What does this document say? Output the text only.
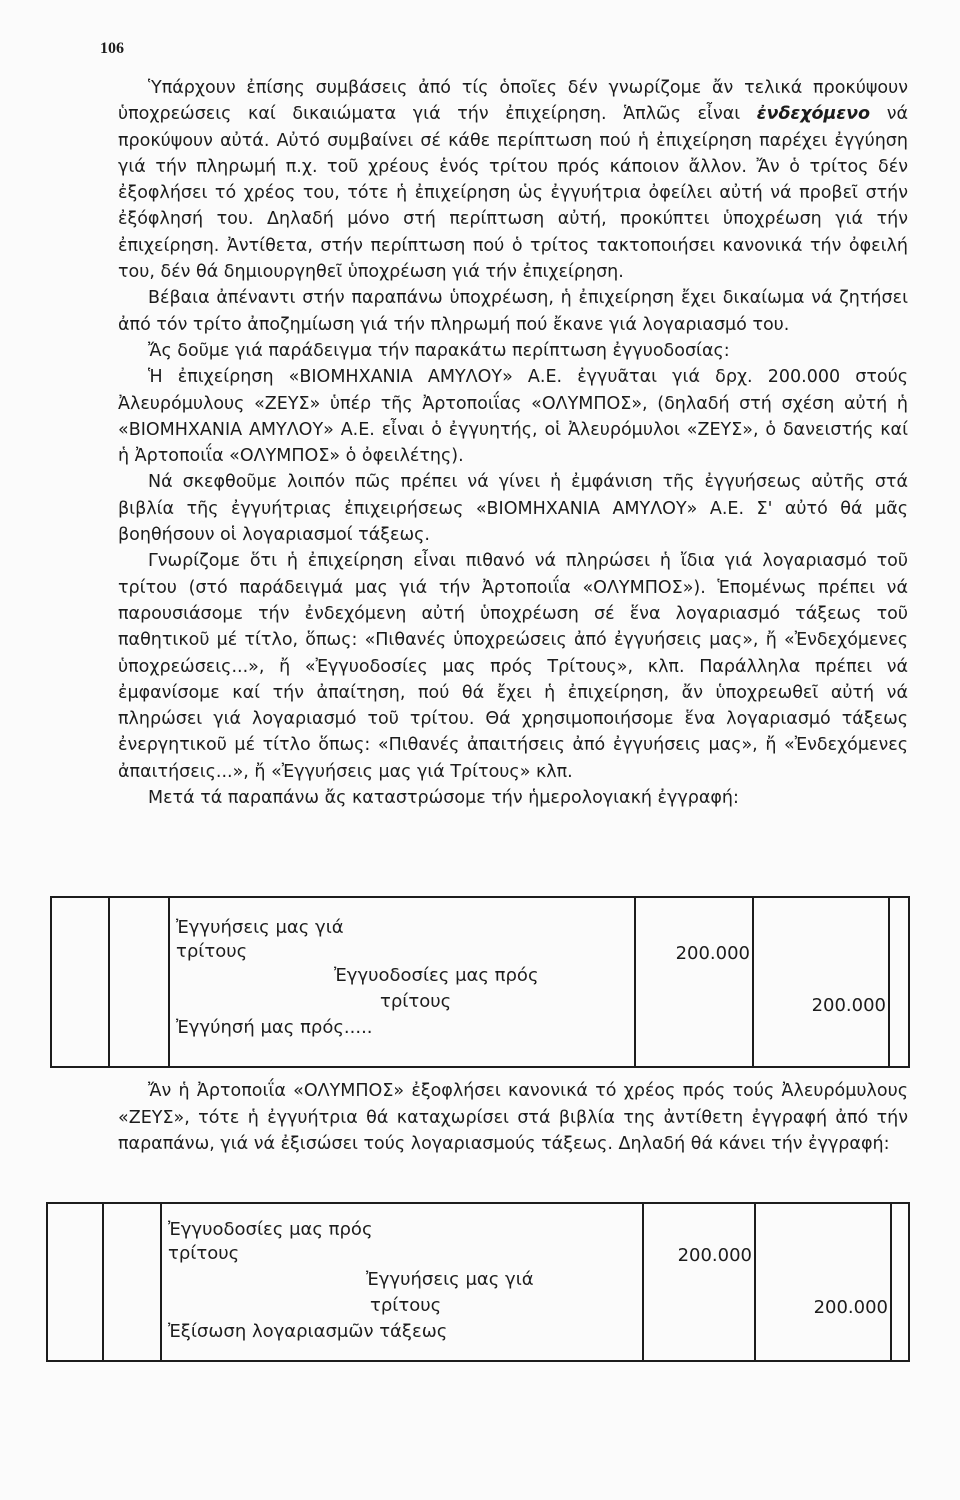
106

Ὑπάρχουν ἐπίσης συμβάσεις ἀπό τίς ὁποῖες δέν γνωρίζομε ἄν τελικά προκύψουν ὑποχρεώσεις καί δικαιώματα γιά τήν ἐπιχείρηση. Ἁπλῶς εἶναι ἐνδεχόμενο νά προκύψουν αὐτά. Αὐτό συμβαίνει σέ κάθε περίπτωση πού ἡ ἐπιχείρηση παρέχει ἐγγύηση γιά τήν πληρωμή π.χ. τοῦ χρέους ἑνός τρίτου πρός κάποιον ἄλλον. Ἄν ὁ τρίτος δέν ἐξοφλήσει τό χρέος του, τότε ἡ ἐπιχείρηση ὡς ἐγγυήτρια ὀφείλει αὐτή νά προβεῖ στήν ἐξόφλησή του. Δηλαδή μόνο στή περίπτωση αὐτή, προκύπτει ὑποχρέωση γιά τήν ἐπιχείρηση. Ἀντίθετα, στήν περίπτωση πού ὁ τρίτος τακτοποιήσει κανονικά τήν ὀφειλή του, δέν θά δημιουργηθεῖ ὑποχρέωση γιά τήν ἐπιχείρηση.

Βέβαια ἀπέναντι στήν παραπάνω ὑποχρέωση, ἡ ἐπιχείρηση ἔχει δικαίωμα νά ζητήσει ἀπό τόν τρίτο ἀποζημίωση γιά τήν πληρωμή πού ἔκανε γιά λογαριασμό του.

Ἄς δοῦμε γιά παράδειγμα τήν παρακάτω περίπτωση ἐγγυοδοσίας:

Ἡ ἐπιχείρηση «ΒΙΟΜΗΧΑΝΙΑ ΑΜΥΛΟΥ» Α.Ε. ἐγγυᾶται γιά δρχ. 200.000 στούς Ἀλευρόμυλους «ΖΕΥΣ» ὑπέρ τῆς Ἀρτοποιΐας «ΟΛΥΜΠΟΣ», (δηλαδή στή σχέση αὐτή ἡ «ΒΙΟΜΗΧΑΝΙΑ ΑΜΥΛΟΥ» Α.Ε. εἶναι ὁ ἐγγυητής, οἱ Ἀλευρόμυλοι «ΖΕΥΣ», ὁ δανειστής καί ἡ Ἀρτοποιΐα «ΟΛΥΜΠΟΣ» ὁ ὀφειλέτης).

Νά σκεφθοῦμε λοιπόν πῶς πρέπει νά γίνει ἡ ἐμφάνιση τῆς ἐγγυήσεως αὐτῆς στά βιβλία τῆς ἐγγυήτριας ἐπιχειρήσεως «ΒΙΟΜΗΧΑΝΙΑ ΑΜΥΛΟΥ» Α.Ε. Σ' αὐτό θά μᾶς βοηθήσουν οἱ λογαριασμοί τάξεως.

Γνωρίζομε ὅτι ἡ ἐπιχείρηση εἶναι πιθανό νά πληρώσει ἡ ἴδια γιά λογαριασμό τοῦ τρίτου (στό παράδειγμά μας γιά τήν Ἀρτοποιΐα «ΟΛΥΜΠΟΣ»). Ἑπομένως πρέπει νά παρουσιάσομε τήν ἐνδεχόμενη αὐτή ὑποχρέωση σέ ἕνα λογαριασμό τάξεως τοῦ παθητικοῦ μέ τίτλο, ὅπως: «Πιθανές ὑποχρεώσεις ἀπό ἐγγυήσεις μας», ἤ «Ἐνδεχόμενες ὑποχρεώσεις...», ἤ «Ἐγγυοδοσίες μας πρός Τρίτους», κλπ. Παράλληλα πρέπει νά ἐμφανίσομε καί τήν ἀπαίτηση, πού θά ἔχει ἡ ἐπιχείρηση, ἄν ὑποχρεωθεῖ αὐτή νά πληρώσει γιά λογαριασμό τοῦ τρίτου. Θά χρησιμοποιήσομε ἕνα λογαριασμό τάξεως ἐνεργητικοῦ μέ τίτλο ὅπως: «Πιθανές ἀπαιτήσεις ἀπό ἐγγυήσεις μας», ἤ «Ἐνδεχόμενες ἀπαιτήσεις...», ἤ «Ἐγγυήσεις μας γιά Τρίτους» κλπ.

Μετά τά παραπάνω ἄς καταστρώσομε τήν ἡμερολογιακή ἐγγραφή:

Ἐγγυήσεις μας γιά
τρίτους
Ἐγγυοδοσίες μας πρός
τρίτους
Ἐγγύησή μας πρός.....
200.000
200.000

Ἄν ἡ Ἀρτοποιΐα «ΟΛΥΜΠΟΣ» ἐξοφλήσει κανονικά τό χρέος πρός τούς Ἀλευρόμυλους «ΖΕΥΣ», τότε ἡ ἐγγυήτρια θά καταχωρίσει στά βιβλία της ἀντίθετη ἐγγραφή ἀπό τήν παραπάνω, γιά νά ἐξισώσει τούς λογαριασμούς τάξεως. Δηλαδή θά κάνει τήν ἐγγραφή:

Ἐγγυοδοσίες μας πρός
τρίτους
Ἐγγυήσεις μας γιά
τρίτους
Ἐξίσωση λογαριασμῶν τάξεως
200.000
200.000
